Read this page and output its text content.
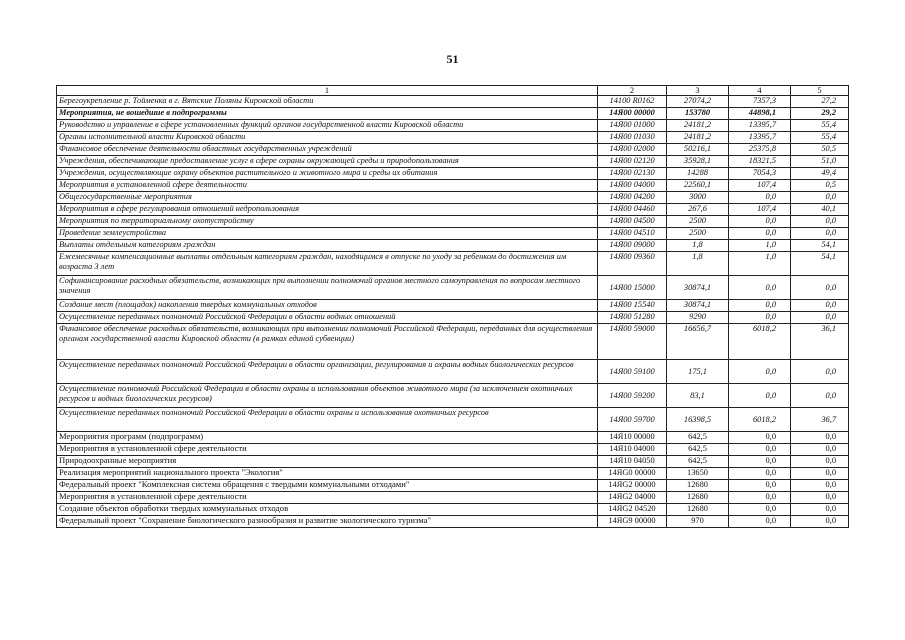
51
1	2	3	4	5
Берегоукрепление р. Тойменка в г. Вятские Поляны Кировской области	14100 R0162	27074,2	7357,3	27,2
Мероприятия, не вошедшие в подпрограммы	14Я00 00000	153780	44898,1	29,2
Руководство и управление в сфере установленных функций органов государственной власти Кировской области	14Я00 01000	24181,2	13395,7	55,4
Органы исполнительной власти Кировской области	14Я00 01030	24181,2	13395,7	55,4
Финансовое обеспечение деятельности областных государственных учреждений	14Я00 02000	50216,1	25375,8	50,5
Учреждения, обеспечивающие предоставление услуг в сфере охраны окружающей среды и природопользования	14Я00 02120	35928,1	18321,5	51,0
Учреждения, осуществляющие охрану объектов растительного и животного мира и среды их обитания	14Я00 02130	14288	7054,3	49,4
Мероприятия в установленной сфере деятельности	14Я00 04000	22560,1	107,4	0,5
Общегосударственные мероприятия	14Я00 04200	3000	0,0	0,0
Мероприятия в сфере регулирования отношений недропользования	14Я00 04460	267,6	107,4	40,1
Мероприятия по территориальному охотустройству	14Я00 04500	2500	0,0	0,0
Проведение землеустройства	14Я00 04510	2500	0,0	0,0
Выплаты отдельным категориям граждан	14Я00 09000	1,8	1,0	54,1
Ежемесячные компенсационные выплаты отдельным категориям граждан, находящимся в отпуске по уходу за ребенком до достижения им возраста 3 лет	14Я00 09360	1,8	1,0	54,1
Софинансирование расходных обязательств, возникающих при выполнении полномочий органов местного самоуправления по вопросам местного значения	14Я00 15000	30874,1	0,0	0,0
Создание мест (площадок) накопления твердых коммунальных отходов	14Я00 15540	30874,1	0,0	0,0
Осуществление переданных полномочий Российской Федерации в области водных отношений	14Я00 51280	9290	0,0	0,0
Финансовое обеспечение расходных обязательств, возникающих при выполнении полномочий Российской Федерации, переданных для осуществления органам государственной власти Кировской области (в рамках единой субвенции)	14Я00 59000	16656,7	6018,2	36,1
Осуществление переданных полномочий Российской Федерации в области организации, регулирования и охраны водных биологических ресурсов	14Я00 59100	175,1	0,0	0,0
Осуществление полномочий Российской Федерации в области охраны и использования объектов животного мира (за исключением охотничьих ресурсов и водных биологических ресурсов)	14Я00 59200	83,1	0,0	0,0
Осуществление переданных полномочий Российской Федерации в области охраны и использования охотничьих ресурсов	14Я00 59700	16398,5	6018,2	36,7
Мероприятия программ (подпрограмм)	14Я10 00000	642,5	0,0	0,0
Мероприятия в установленной сфере деятельности	14Я10 04000	642,5	0,0	0,0
Природоохранные мероприятия	14Я10 04050	642,5	0,0	0,0
Реализация мероприятий национального проекта "Экология"	14ЯG0 00000	13650	0,0	0,0
Федеральный проект "Комплексная система обращения с твердыми коммунальными отходами"	14ЯG2 00000	12680	0,0	0,0
Мероприятия в установленной сфере деятельности	14ЯG2 04000	12680	0,0	0,0
Создание объектов обработки твердых коммунальных отходов	14ЯG2 04520	12680	0,0	0,0
Федеральный проект "Сохранение биологического разнообразия и развитие экологического туризма"	14ЯG9 00000	970	0,0	0,0
